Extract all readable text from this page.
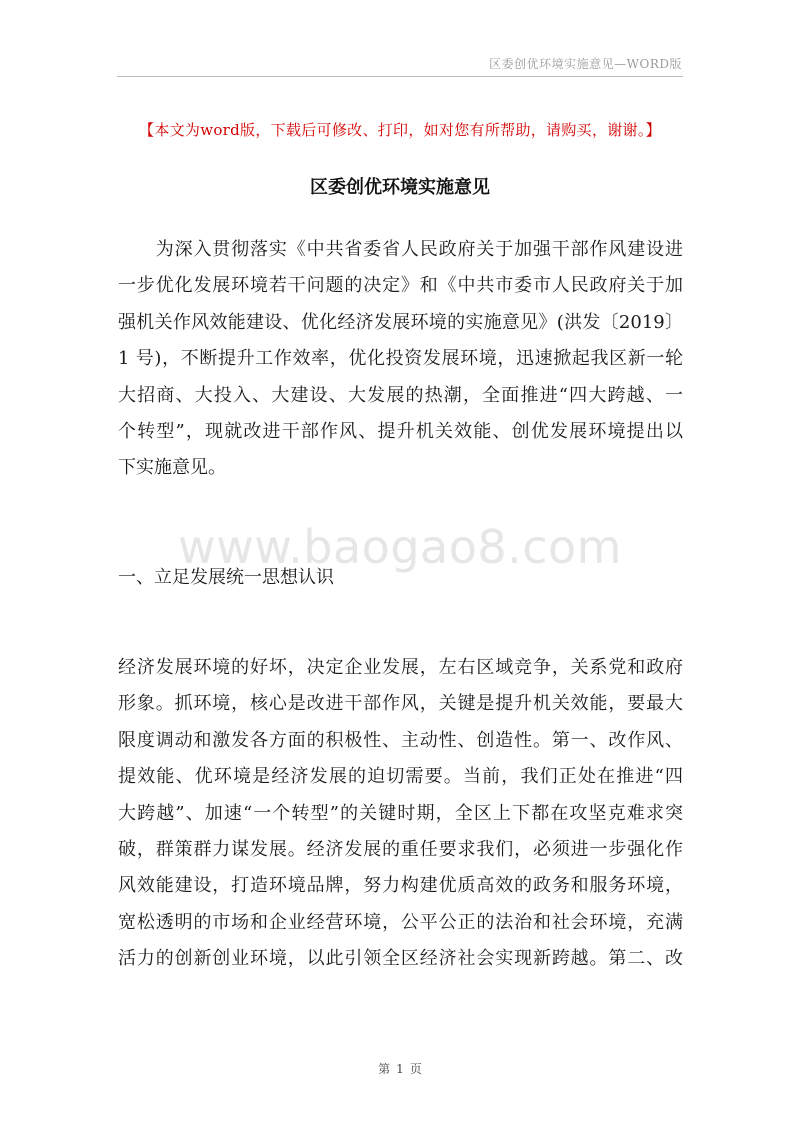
区委创优环境实施意见—WORD版
【本文为word版，下载后可修改、打印，如对您有所帮助，请购买，谢谢。】
区委创优环境实施意见
www.baogao8.com
　　为深入贯彻落实《中共省委省人民政府关于加强干部作风建设进
一步优化发展环境若干问题的决定》和《中共市委市人民政府关于加
强机关作风效能建设、优化经济发展环境的实施意见》(洪发〔2019〕
1 号)，不断提升工作效率，优化投资发展环境，迅速掀起我区新一轮
大招商、大投入、大建设、大发展的热潮，全面推进“四大跨越、一
个转型”，现就改进干部作风、提升机关效能、创优发展环境提出以
下实施意见。
一、立足发展统一思想认识
经济发展环境的好坏，决定企业发展，左右区域竞争，关系党和政府
形象。抓环境，核心是改进干部作风，关键是提升机关效能，要最大
限度调动和激发各方面的积极性、主动性、创造性。第一、改作风、
提效能、优环境是经济发展的迫切需要。当前，我们正处在推进“四
大跨越”、加速“一个转型”的关键时期，全区上下都在攻坚克难求突
破，群策群力谋发展。经济发展的重任要求我们，必须进一步强化作
风效能建设，打造环境品牌，努力构建优质高效的政务和服务环境，
宽松透明的市场和企业经营环境，公平公正的法治和社会环境，充满
活力的创新创业环境，以此引领全区经济社会实现新跨越。第二、改
第 1 页
